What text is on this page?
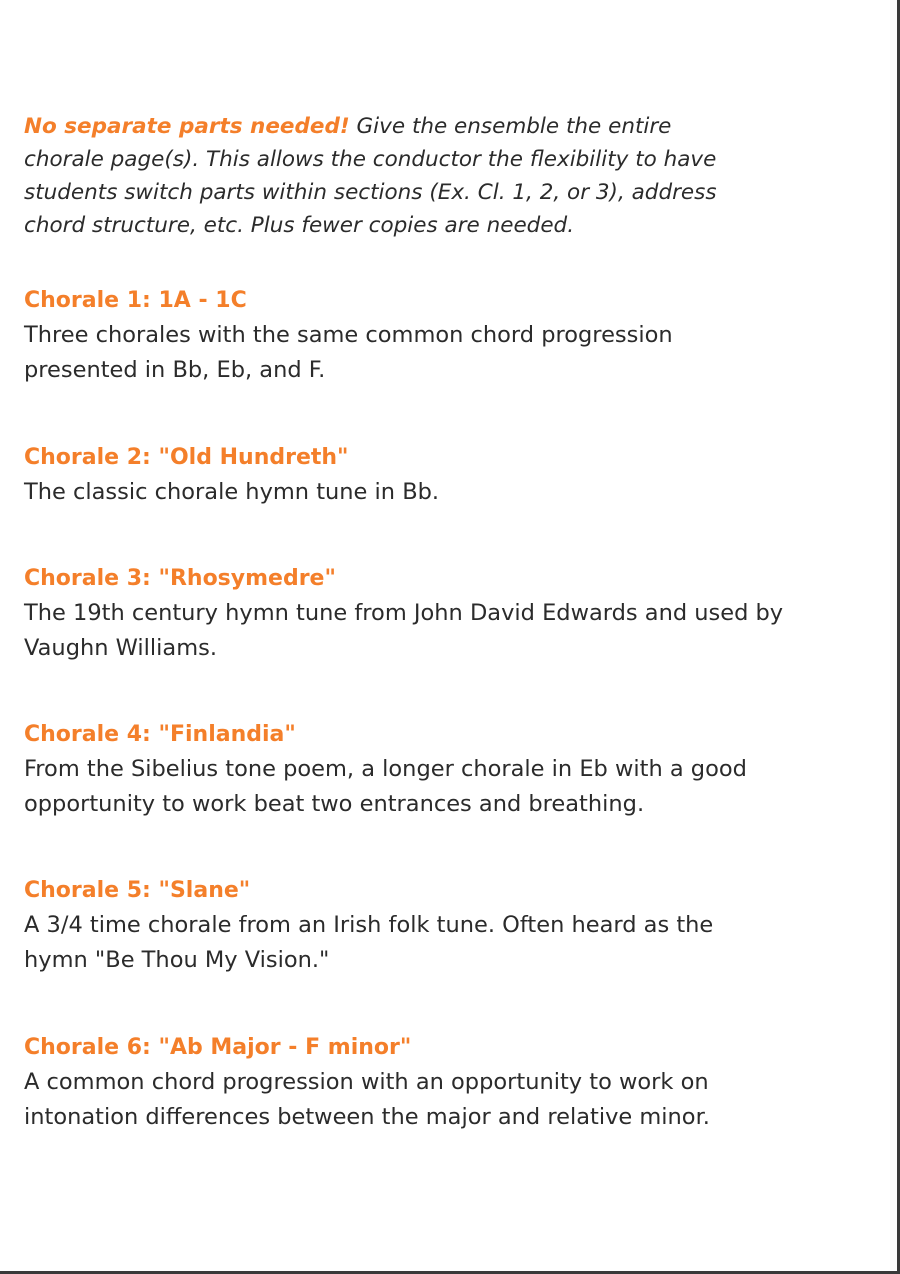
No separate parts needed! Give the ensemble the entire chorale page(s). This allows the conductor the flexibility to have students switch parts within sections (Ex. Cl. 1, 2, or 3), address chord structure, etc. Plus fewer copies are needed.

Chorale 1: 1A - 1C

Three chorales with the same common chord progression presented in Bb, Eb, and F.

Chorale 2: "Old Hundreth"

The classic chorale hymn tune in Bb.

Chorale 3: "Rhosymedre"

The 19th century hymn tune from John David Edwards and used by Vaughn Williams.

Chorale 4: "Finlandia"

From the Sibelius tone poem, a longer chorale in Eb with a good opportunity to work beat two entrances and breathing.

Chorale 5: "Slane"

A 3/4 time chorale from an Irish folk tune. Often heard as the hymn "Be Thou My Vision."

Chorale 6: "Ab Major - F minor"

A common chord progression with an opportunity to work on intonation differences between the major and relative minor.
